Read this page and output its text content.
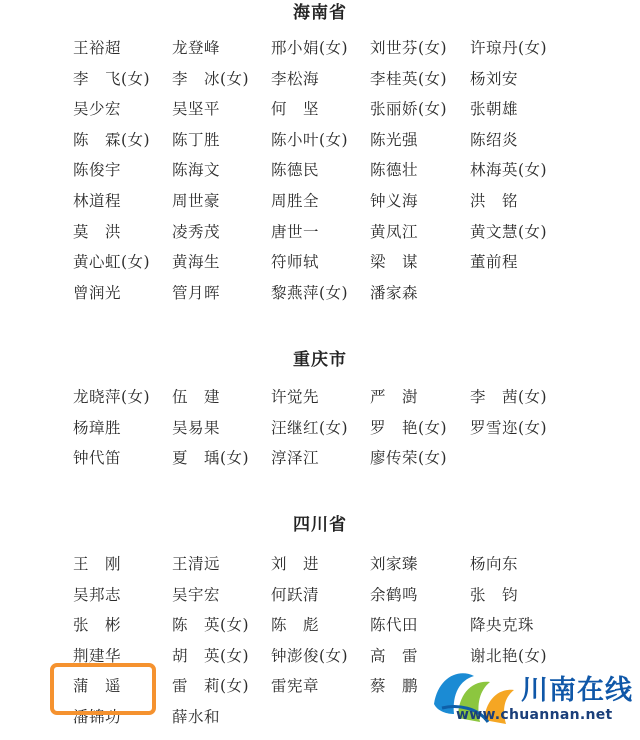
海南省
王裕超	龙登峰	邢小娟(女)	刘世芬(女)	许琼丹(女)
李　飞(女)	李　冰(女)	李松海	李桂英(女)	杨刘安
吴少宏	吴坚平	何　坚	张丽娇(女)	张朝雄
陈　霖(女)	陈丁胜	陈小叶(女)	陈光强	陈绍炎
陈俊宇	陈海文	陈德民	陈德壮	林海英(女)
林道程	周世豪	周胜全	钟义海	洪　铭
莫　洪	凌秀茂	唐世一	黄凤江	黄文慧(女)
黄心虹(女)	黄海生	符师轼	梁　谋	董前程
曾润光	管月晖	黎燕萍(女)	潘家森
重庆市
龙晓萍(女)	伍　建	许觉先	严　澍	李　茜(女)
杨璋胜	吴易果	汪继红(女)	罗　艳(女)	罗雪迩(女)
钟代笛	夏　瑀(女)	淳泽江	廖传荣(女)
四川省
王　刚	王清远	刘　进	刘家臻	杨向东
吴邦志	吴宇宏	何跃清	余鹤鸣	张　钧
张　彬	陈　英(女)	陈　彪	陈代田	降央克珠
荆建华	胡　英(女)	钟澎俊(女)	高　雷	谢北艳(女)
蒲　遥	雷　莉(女)	雷宪章	蔡　鹏
潘锦功	薛水和
川南在线
www.chuannan.net
